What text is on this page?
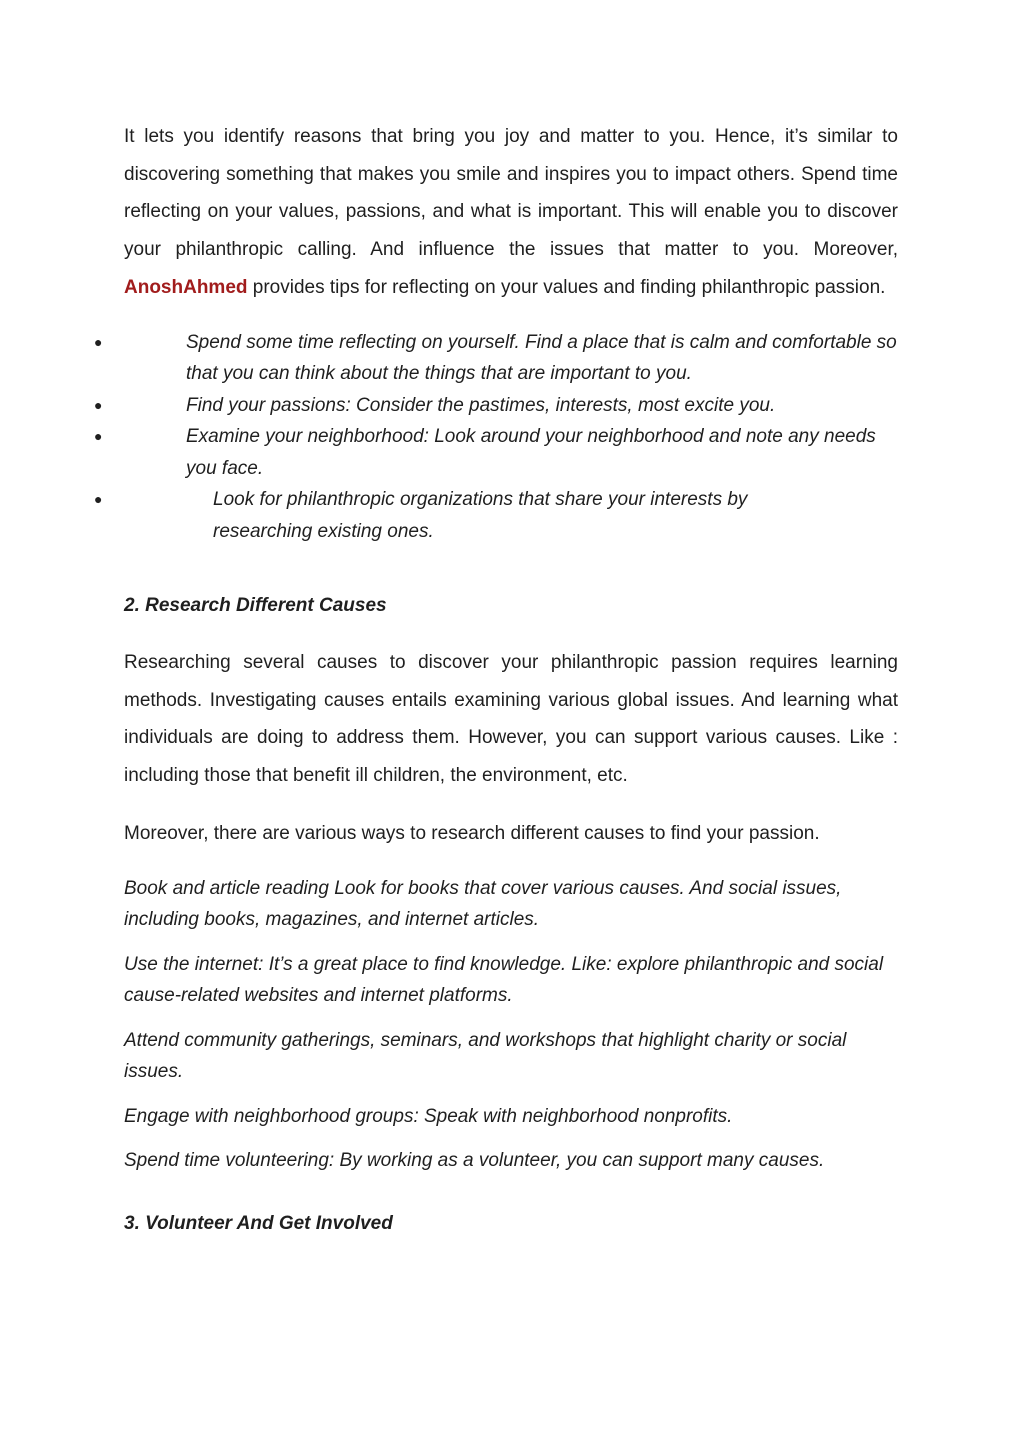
It lets you identify reasons that bring you joy and matter to you. Hence, it’s similar to discovering something that makes you smile and inspires you to impact others. Spend time reflecting on your values, passions, and what is important. This will enable you to discover your philanthropic calling. And influence the issues that matter to you. Moreover, AnoshAhmed provides tips for reflecting on your values and finding philanthropic passion.

●	Spend some time reflecting on yourself. Find a place that is calm and comfortable so that you can think about the things that are important to you.
●	Find your passions: Consider the pastimes, interests, most excite you.
●	Examine your neighborhood: Look around your neighborhood and note any needs you face.
●	Look for philanthropic organizations that share your interests by researching existing ones.
2. Research Different Causes

Researching several causes to discover your philanthropic passion requires learning methods. Investigating causes entails examining various global issues. And learning what individuals are doing to address them. However, you can support various causes. Like : including those that benefit ill children, the environment, etc.

Moreover, there are various ways to research different causes to find your passion.

Book and article reading Look for books that cover various causes. And social issues, including books, magazines, and internet articles.

Use the internet: It’s a great place to find knowledge. Like: explore philanthropic and social cause-related websites and internet platforms.

Attend community gatherings, seminars, and workshops that highlight charity or social issues.

Engage with neighborhood groups: Speak with neighborhood nonprofits.

Spend time volunteering: By working as a volunteer, you can support many causes.

3. Volunteer And Get Involved
